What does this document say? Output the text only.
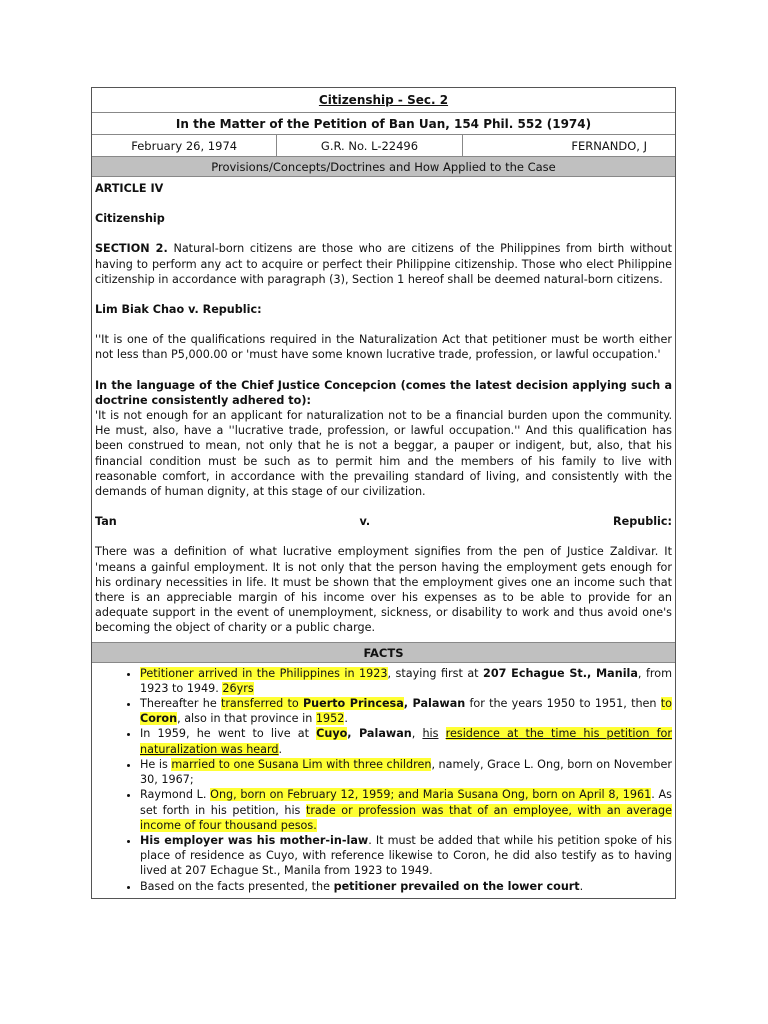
Citizenship - Sec. 2
In the Matter of the Petition of Ban Uan, 154 Phil. 552 (1974)
February 26, 1974	G.R. No. L-22496	FERNANDO, J
Provisions/Concepts/Doctrines and How Applied to the Case

ARTICLE IV

Citizenship

SECTION 2. Natural-born citizens are those who are citizens of the Philippines from birth without having to perform any act to acquire or perfect their Philippine citizenship. Those who elect Philippine citizenship in accordance with paragraph (3), Section 1 hereof shall be deemed natural-born citizens.

Lim Biak Chao v. Republic:

''It is one of the qualifications required in the Naturalization Act that petitioner must be worth either not less than P5,000.00 or 'must have some known lucrative trade, profession, or lawful occupation.'

In the language of the Chief Justice Concepcion (comes the latest decision applying such a doctrine consistently adhered to):

'It is not enough for an applicant for naturalization not to be a financial burden upon the community. He must, also, have a ''lucrative trade, profession, or lawful occupation.'' And this qualification has been construed to mean, not only that he is not a beggar, a pauper or indigent, but, also, that his financial condition must be such as to permit him and the members of his family to live with reasonable comfort, in accordance with the prevailing standard of living, and consistently with the demands of human dignity, at this stage of our civilization.

Tan	v.	Republic:

There was a definition of what lucrative employment signifies from the pen of Justice Zaldivar. It 'means a gainful employment. It is not only that the person having the employment gets enough for his ordinary necessities in life. It must be shown that the employment gives one an income such that there is an appreciable margin of his income over his expenses as to be able to provide for an adequate support in the event of unemployment, sickness, or disability to work and thus avoid one's becoming the object of charity or a public charge.

FACTS
• Petitioner arrived in the Philippines in 1923, staying first at 207 Echague St., Manila, from 1923 to 1949. 26yrs
• Thereafter he transferred to Puerto Princesa, Palawan for the years 1950 to 1951, then to Coron, also in that province in 1952.
• In 1959, he went to live at Cuyo, Palawan, his residence at the time his petition for naturalization was heard.
• He is married to one Susana Lim with three children, namely, Grace L. Ong, born on November 30, 1967;
• Raymond L. Ong, born on February 12, 1959; and Maria Susana Ong, born on April 8, 1961. As set forth in his petition, his trade or profession was that of an employee, with an average income of four thousand pesos.
• His employer was his mother-in-law. It must be added that while his petition spoke of his place of residence as Cuyo, with reference likewise to Coron, he did also testify as to having lived at 207 Echague St., Manila from 1923 to 1949.
• Based on the facts presented, the petitioner prevailed on the lower court.
